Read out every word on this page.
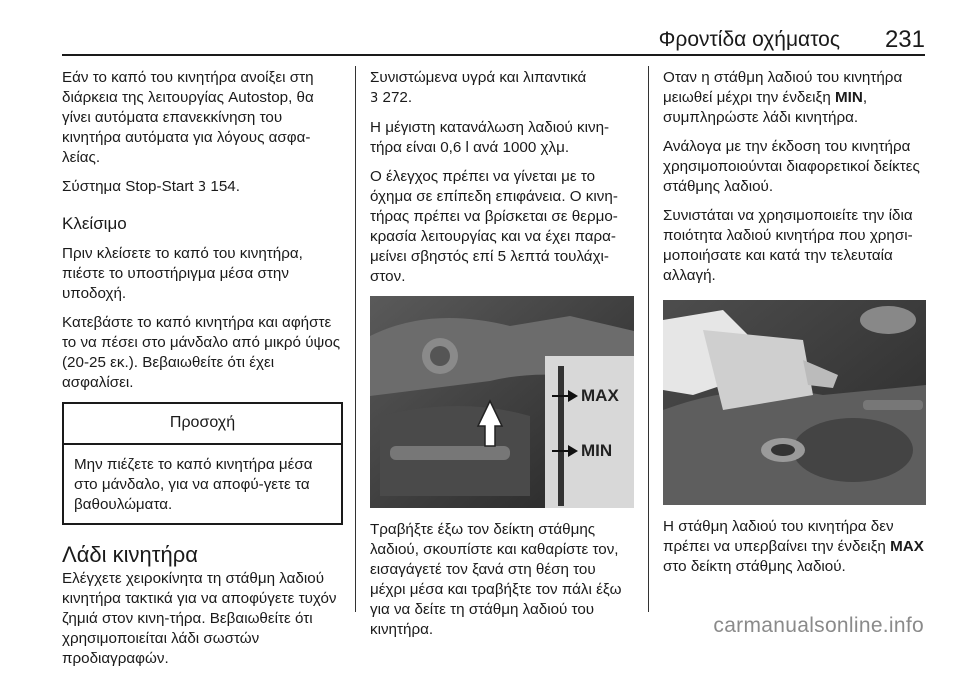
Φροντίδα οχήματος 231

Εάν το καπό του κινητήρα ανοίξει στη διάρκεια της λειτουργίας Autostop, θα γίνει αυτόματα επανεκκίνηση του κινητήρα αυτόματα για λόγους ασφα-λείας.

Σύστημα Stop-Start 3 154.

Κλείσιμο

Πριν κλείσετε το καπό του κινητήρα, πιέστε το υποστήριγμα μέσα στην υποδοχή.

Κατεβάστε το καπό κινητήρα και αφήστε το να πέσει στο μάνδαλο από μικρό ύψος (20-25 εκ.). Βεβαιωθείτε ότι έχει ασφαλίσει.

Προσοχή
Μην πιέζετε το καπό κινητήρα μέσα στο μάνδαλο, για να αποφύ-γετε τα βαθουλώματα.
Λάδι κινητήρα

Ελέγχετε χειροκίνητα τη στάθμη λαδιού κινητήρα τακτικά για να αποφύγετε τυχόν ζημιά στον κινη-τήρα. Βεβαιωθείτε ότι χρησιμοποιείται λάδι σωστών προδιαγραφών.

Συνιστώμενα υγρά και λιπαντικά
3 272.

Η μέγιστη κατανάλωση λαδιού κινη-τήρα είναι 0,6 l ανά 1000 χλμ.

Ο έλεγχος πρέπει να γίνεται με το όχημα σε επίπεδη επιφάνεια. Ο κινη-τήρας πρέπει να βρίσκεται σε θερμο-κρασία λειτουργίας και να έχει παρα-μείνει σβηστός επί 5 λεπτά τουλάχι-στον.

MAX
MIN

Τραβήξτε έξω τον δείκτη στάθμης λαδιού, σκουπίστε και καθαρίστε τον, εισαγάγετέ τον ξανά στη θέση του μέχρι μέσα και τραβήξτε τον πάλι έξω για να δείτε τη στάθμη λαδιού του κινητήρα.

Οταν η στάθμη λαδιού του κινητήρα μειωθεί μέχρι την ένδειξη MIN, συμπληρώστε λάδι κινητήρα.

Ανάλογα με την έκδοση του κινητήρα χρησιμοποιούνται διαφορετικοί δείκτες στάθμης λαδιού.

Συνιστάται να χρησιμοποιείτε την ίδια ποιότητα λαδιού κινητήρα που χρησι-μοποιήσατε και κατά την τελευταία αλλαγή.

Η στάθμη λαδιού του κινητήρα δεν πρέπει να υπερβαίνει την ένδειξη MAX στο δείκτη στάθμης λαδιού.

carmanualsonline.info
